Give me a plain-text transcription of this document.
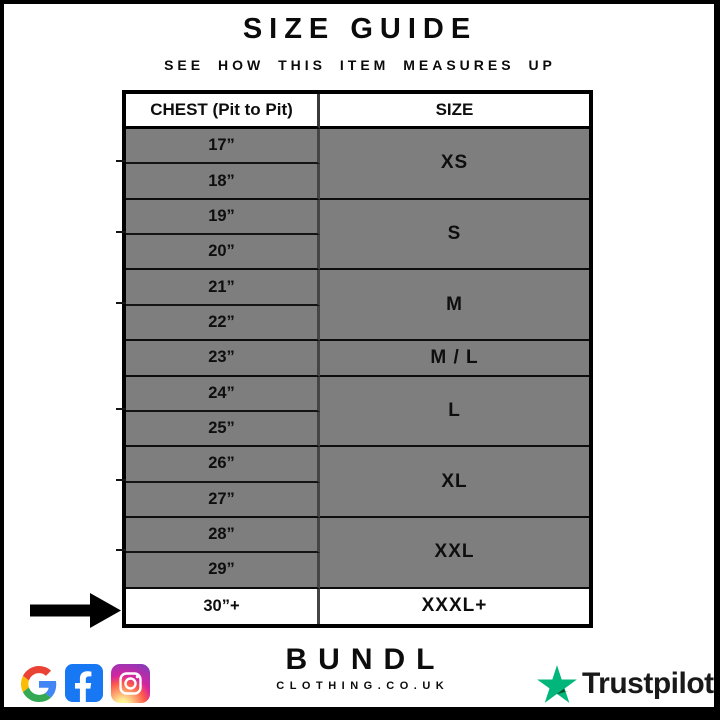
SIZE GUIDE
SEE HOW THIS ITEM MEASURES UP
CHEST (Pit to Pit)	SIZE
17”
18”
19”
20”
21”
22”
23”
24”
25”
26”
27”
28”
29”
30”+
XS
S
M
M / L
L
XL
XXL
XXXL+
BUNDL
CLOTHING.CO.UK	Trustpilot
